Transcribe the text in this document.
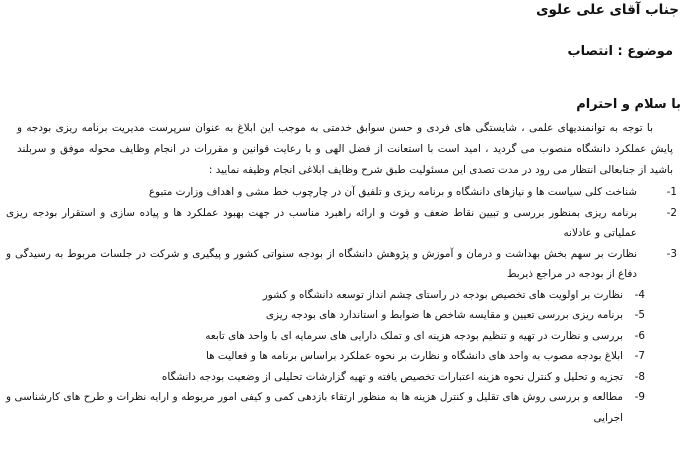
جناب آقای علی علوی
موضوع : انتصاب
با سلام و احترام

با توجه به توانمندیهای علمی ، شایستگی های فردی و حسن سوابق خدمتی به موجب این ابلاغ به عنوان سرپرست مدیریت برنامه ریزی بودجه و پایش عملکرد دانشگاه منصوب می گردید ، امید است با استعانت از فضل الهی و با رعایت قوانین و مقررات در انجام وظایف محوله موفق و سربلند باشید از جنابعالی انتظار می رود در مدت تصدی این مسئولیت طبق شرح وظایف ابلاغی انجام وظیفه نمایید :

-1
شناخت کلی سیاست ها و نیازهای دانشگاه و برنامه ریزی و تلفیق آن در چارچوب خط مشی و اهداف وزارت متبوع
-2
برنامه ریزی بمنظور بررسی و تبیین نقاط ضعف و قوت و ارائه راهبرد مناسب در جهت بهبود عملکرد ها و پیاده سازی و استقرار بودجه ریزی عملیاتی و عادلانه
-3
نظارت بر سهم بخش بهداشت و درمان و آموزش و پژوهش دانشگاه از بودجه سنواتی کشور و پیگیری و شرکت در جلسات مربوط به رسیدگی و دفاع از بودجه در مراجع ذیربط
-4
نظارت بر اولویت های تخصیص بودجه در راستای چشم انداز توسعه دانشگاه و کشور
-5
برنامه ریزی بررسی تعیین و مقایسه شاخص ها ضوابط و استاندارد های بودجه ریزی
-6
بررسی و نظارت در تهیه و تنظیم بودجه هزینه ای و تملک دارایی های سرمایه ای با واحد های تابعه
-7
ابلاغ بودجه مصوب به واحد های دانشگاه و نظارت بر نحوه عملکرد براساس برنامه ها و فعالیت ها
-8
تجزیه و تحلیل و کنترل نحوه هزینه اعتبارات تخصیص یافته و تهیه گزارشات تحلیلی از وضعیت بودجه دانشگاه
-9
مطالعه و بررسی روش های تقلیل و کنترل هزینه ها به منظور ارتقاء بازدهی کمی و کیفی امور مربوطه و ارایه نظرات و طرح های کارشناسی و اجرایی
